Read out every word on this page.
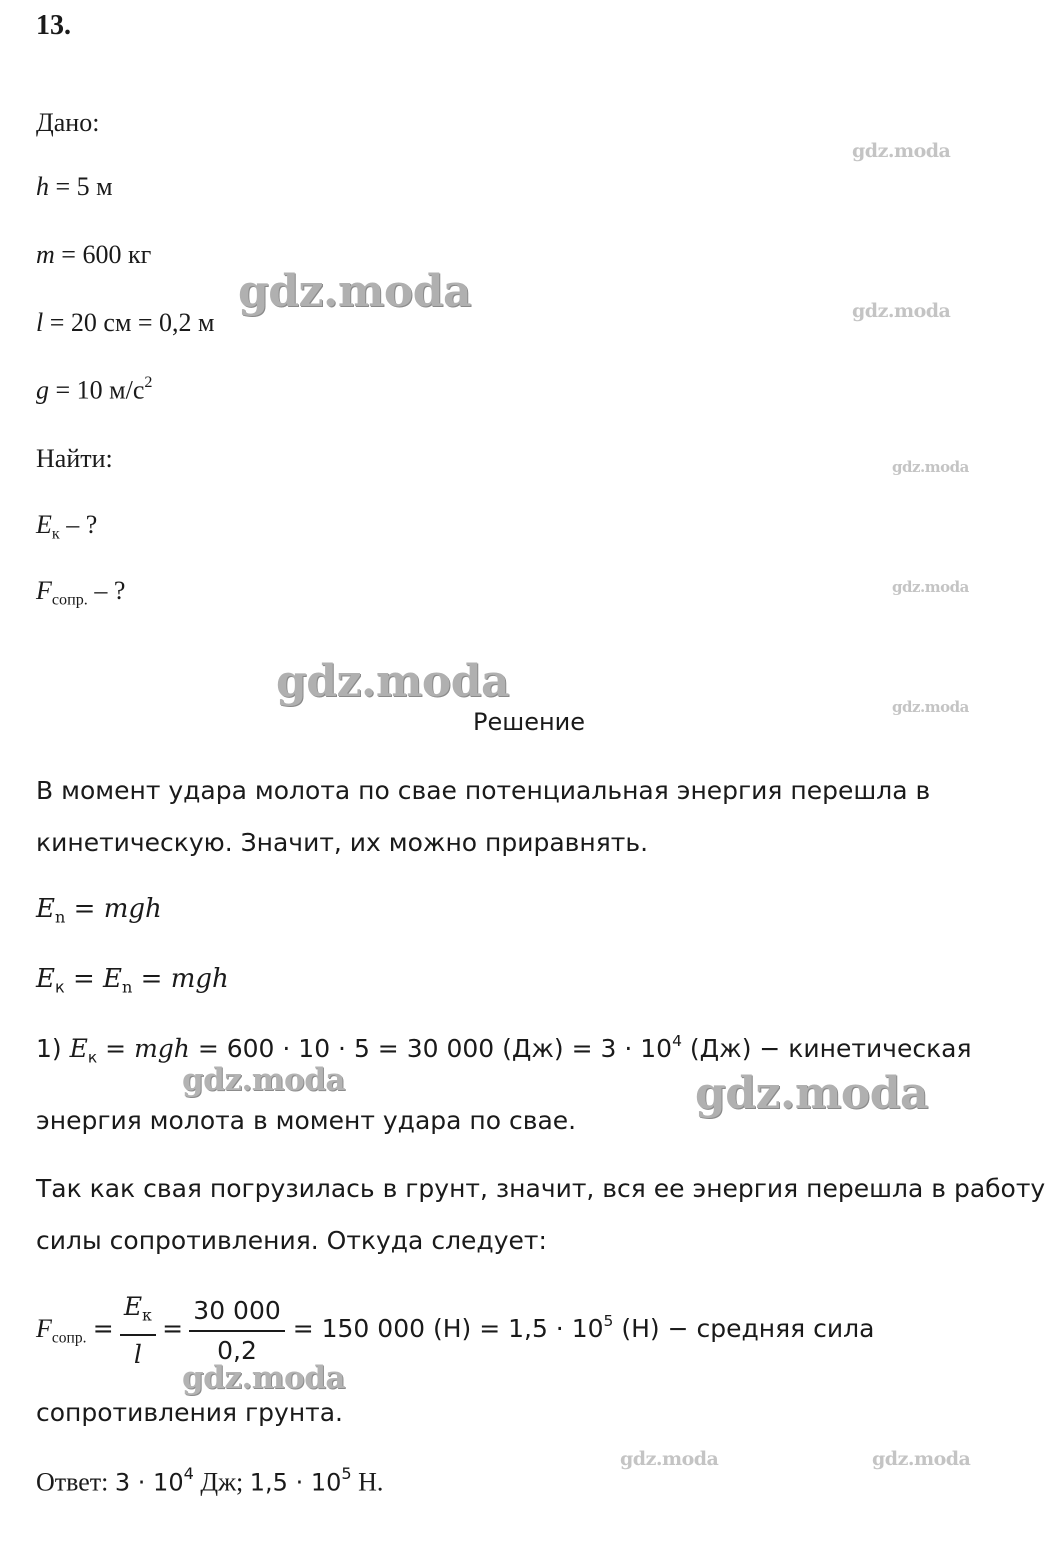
13.
Дано:
h = 5 м
m = 600 кг
l = 20 см = 0,2 м
g = 10 $м/с^2$
Найти:
$E_к$ – ?
$F_{сопр.}$ – ?
Решение
В момент удара молота по свае потенциальная энергия перешла в
кинетическую. Значит, их можно приравнять.
$E_n$ = mgh
$E_к = E_n$ = mgh
1) $E_к$ = mgh = 600 · 10 · 5 = 30 000 $(Дж) = 3 \cdot 10^4$ (Дж) − кинетическая
энергия молота в момент удара по свае.
Так как свая погрузилась в грунт, значит, вся ее энергия перешла в работу
силы сопротивления. Откуда следует:
$F_{сопр.} = \frac{E_к}{l} = \frac{30 000}{0,2} = 150$ 000 $(Н) = 1,5 \cdot 10^5$ (Н) − средняя сила
сопротивления грунта.
Ответ: $3 \cdot 10^4$ Дж; $1,5 \cdot 10^5$ Н.
gdz.moda
gdz.moda
gdz.moda
gdz.moda
gdz.moda
gdz.moda
gdz.moda
gdz.moda	gdz.moda
gdz.moda
gdz.moda	gdz.moda
